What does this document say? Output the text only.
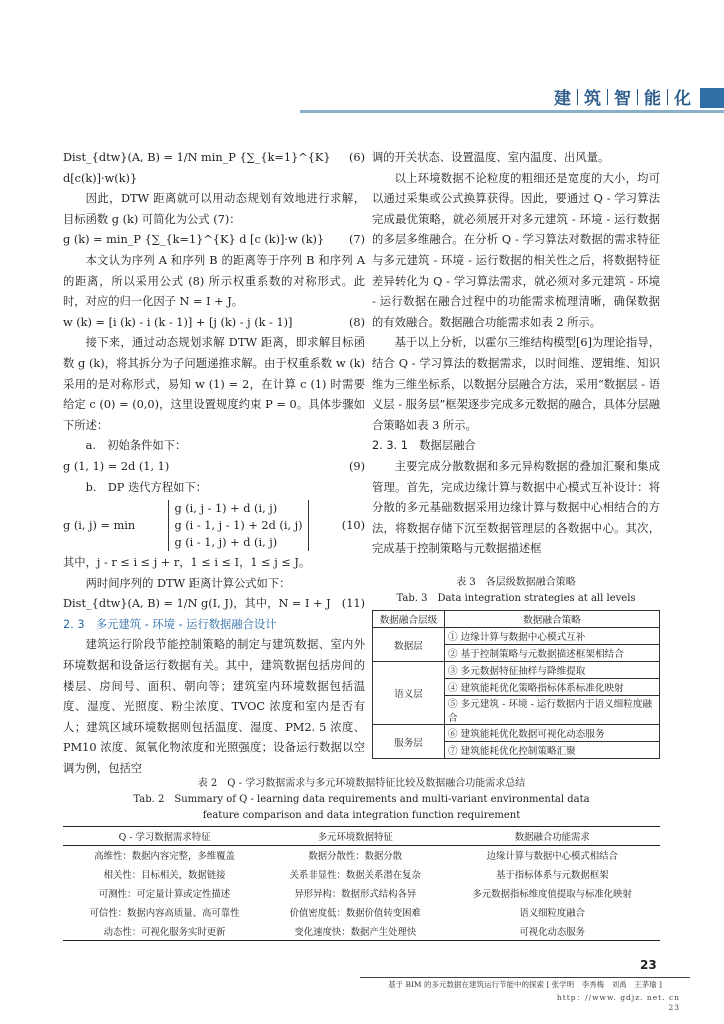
建 筑 智 能 化
Dist_{dtw}(A, B) = 1/N min_P {∑_{k=1}^{K} d[c(k)]·w(k)}
(6)

因此，DTW 距离就可以用动态规划有效地进行求解，目标函数 g (k) 可简化为公式 (7)：

g (k) = min_P {∑_{k=1}^{K} d [c (k)]·w (k)} (7)

本文认为序列 A 和序列 B 的距离等于序列 B 和序列 A 的距离，所以采用公式 (8) 所示权重系数的对称形式。此时，对应的归一化因子 N = I + J。

w (k) = [i (k) - i (k - 1)] + [j (k) - j (k - 1)]	(8)

接下来，通过动态规划求解 DTW 距离，即求解目标函数 g (k)，将其拆分为子问题递推求解。由于权重系数 w (k) 采用的是对称形式，易知 w (1) = 2，在计算 c (1) 时需要给定 c (0) = (0,0)，这里设置规度约束 P = 0。具体步骤如下所述：

a.　初始条件如下：

g (1, 1) = 2d (1, 1)	(9)

b.　DP 迭代方程如下：

g (i, j) = min
g (i, j - 1) + d (i, j)
g (i - 1, j - 1) + 2d (i, j)
g (i - 1, j) + d (i, j)
(10)

其中，j - r ≤ i ≤ j + r，1 ≤ i ≤ I，1 ≤ j ≤ J。

两时间序列的 DTW 距离计算公式如下：

Dist_{dtw}(A, B) = 1/N g(I, J)，其中，N = I + J (11)

2. 3　多元建筑 - 环境 - 运行数据融合设计

建筑运行阶段节能控制策略的制定与建筑数据、室内外环境数据和设备运行数据有关。其中，建筑数据包括房间的楼层、房间号、面积、朝向等；建筑室内环境数据包括温度、湿度、光照度、粉尘浓度、TVOC 浓度和室内是否有人；建筑区域环境数据则包括温度、湿度、PM2. 5 浓度、PM10 浓度、氮氧化物浓度和光照强度；设备运行数据以空调为例，包括空

调的开关状态、设置温度、室内温度、出风量。

以上环境数据不论粒度的粗细还是宽度的大小，均可以通过采集或公式换算获得。因此，要通过 Q - 学习算法完成最优策略，就必须展开对多元建筑 - 环境 - 运行数据的多层多维融合。在分析 Q - 学习算法对数据的需求特征与多元建筑 - 环境 - 运行数据的相关性之后，将数据特征差异转化为 Q - 学习算法需求，就必须对多元建筑 - 环境 - 运行数据在融合过程中的功能需求梳理清晰，确保数据的有效融合。数据融合功能需求如表 2 所示。

基于以上分析，以霍尔三维结构模型[6]为理论指导，结合 Q - 学习算法的数据需求，以时间维、逻辑维、知识维为三维坐标系，以数据分层融合方法，采用“数据层 - 语义层 - 服务层”框架逐步完成多元数据的融合，具体分层融合策略如表 3 所示。

2. 3. 1　数据层融合

主要完成分散数据和多元异构数据的叠加汇聚和集成管理。首先，完成边缘计算与数据中心模式互补设计：将分散的多元基础数据采用边缘计算与数据中心相结合的方法，将数据存储下沉至数据管理层的各数据中心。其次，完成基于控制策略与元数据描述框

表 3　各层级数据融合策略
Tab. 3　Data integration strategies at all levels
数据融合层级	数据融合策略
数据层	① 边缘计算与数据中心模式互补
	② 基于控制策略与元数据描述框架相结合
语义层	③ 多元数据特征抽样与降维提取
	④ 建筑能耗优化策略指标体系标准化映射
	⑤ 多元建筑 - 环境 - 运行数据内于语义细粒度融合
服务层	⑥ 建筑能耗优化数据可视化动态服务
	⑦ 建筑能耗优化控制策略汇聚
表 2　Q - 学习数据需求与多元环境数据特征比较及数据融合功能需求总结
Tab. 2　Summary of Q - learning data requirements and multi-variant environmental data
feature comparison and data integration function requirement
Q - 学习数据需求特征	多元环境数据特征	数据融合功能需求
高维性：数据内容完整，多维覆盖	数据分散性：数据分散	边缘计算与数据中心模式相结合
相关性：目标相关，数据链接	关系非显性：数据关系潜在复杂	基于指标体系与元数据框架
可测性：可定量计算或定性描述	异形异构：数据形式结构各异	多元数据指标维度值提取与标准化映射
可信性：数据内容高质量、高可靠性	价值密度低：数据价值转变困难	语义细粒度融合
动态性：可视化服务实时更新	变化速度快：数据产生处理快	可视化动态服务
23
基于 BIM 的多元数据在建筑运行节能中的探索 [ 张学明　李秀梅　刘禹　王茅瑜 ]
http：//www. gdjz. net. cn　23
